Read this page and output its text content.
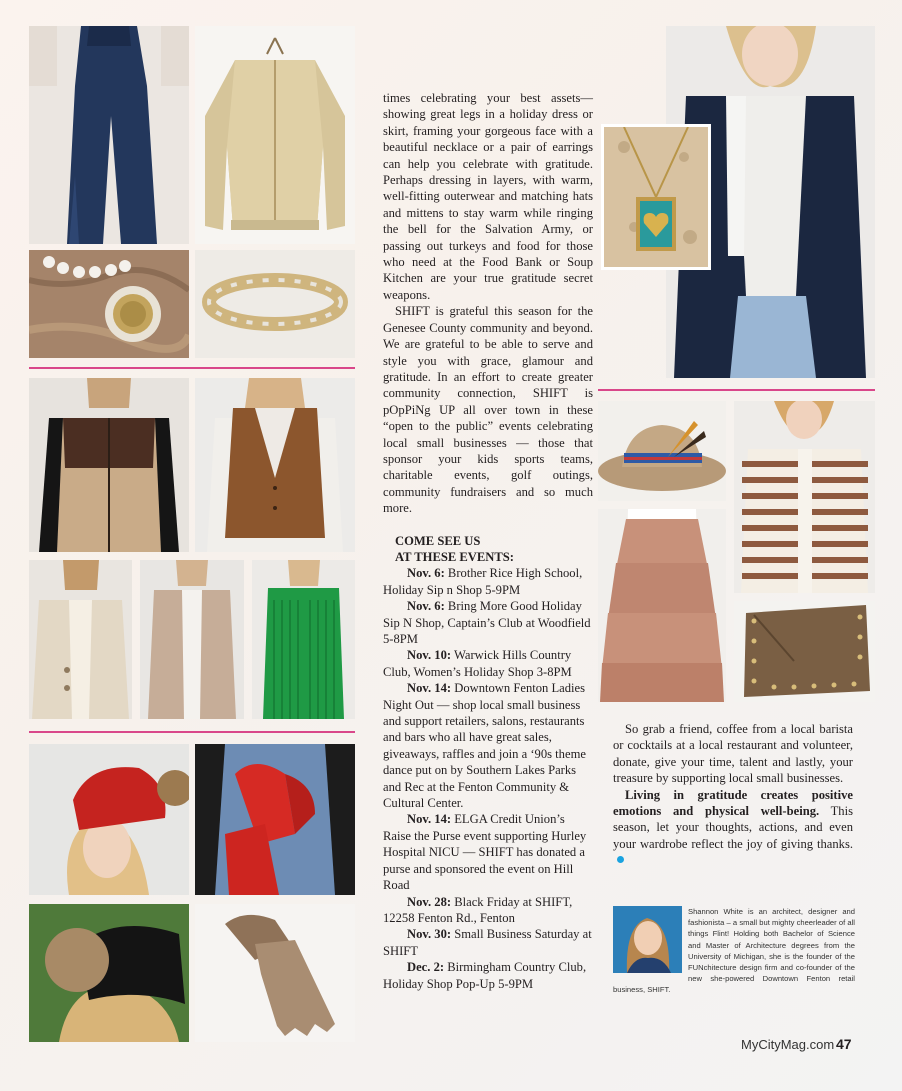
times celebrating your best assets— showing great legs in a holiday dress or skirt, framing your gorgeous face with a beautiful necklace or a pair of earrings can help you celebrate with gratitude. Perhaps dressing in layers, with warm, well-fitting outerwear and matching hats and mittens to stay warm while ringing the bell for the Salvation Army, or passing out turkeys and food for those who need at the Food Bank or Soup Kitchen are your true gratitude secret weapons.

SHIFT is grateful this season for the Genesee County community and beyond. We are grateful to be able to serve and style you with grace, glamour and gratitude. In an effort to create greater community connection, SHIFT is pOpPiNg UP all over town in these “open to the public” events celebrating local small businesses — those that sponsor your kids sports teams, charitable events, golf outings, community fundraisers and so much more.

COME SEE US
AT THESE EVENTS:

Nov. 6: Brother Rice High School, Holiday Sip n Shop 5-9PM

Nov. 6: Bring More Good Holiday Sip N Shop, Captain’s Club at Woodfield 5-8PM

Nov. 10: Warwick Hills Country Club, Women’s Holiday Shop 3-8PM

Nov. 14: Downtown Fenton Ladies Night Out — shop local small business and support retailers, salons, restaurants and bars who all have great sales, giveaways, raffles and join a ‘90s theme dance put on by Southern Lakes Parks and Rec at the Fenton Community & Cultural Center.

Nov. 14: ELGA Credit Union’s Raise the Purse event supporting Hurley Hospital NICU — SHIFT has donated a purse and sponsored the event on Hill Road

Nov. 28: Black Friday at SHIFT, 12258 Fenton Rd., Fenton

Nov. 30: Small Business Saturday at SHIFT

Dec. 2: Birmingham Country Club, Holiday Shop Pop-Up 5-9PM

So grab a friend, coffee from a local barista or cocktails at a local restaurant and volunteer, donate, give your time, talent and lastly, your treasure by supporting local small businesses.

Living in gratitude creates positive emotions and physical well-being. This season, let your thoughts, actions, and even your wardrobe reflect the joy of giving thanks.

Shannon White is an architect, designer and fashionista – a small but mighty cheerleader of all things Flint! Holding both Bachelor of Science and Master of Architecture degrees from the University of Michigan, she is the founder of the FUNchitecture design firm and co-founder of the new she-powered Downtown Fenton retail business, SHIFT.

MyCityMag.com 47
